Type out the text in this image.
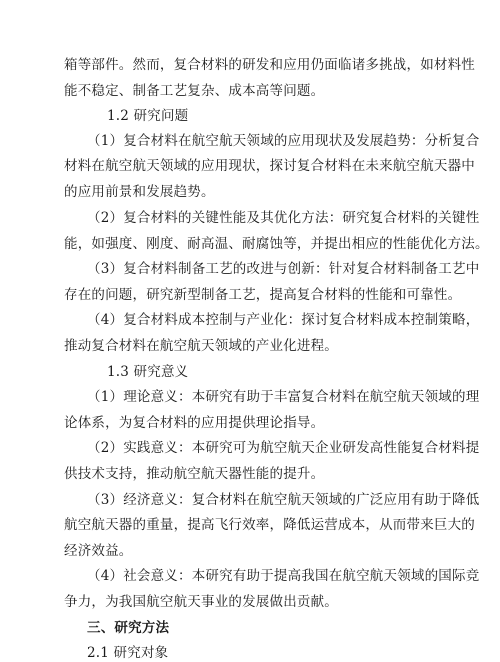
箱等部件。然而，复合材料的研发和应用仍面临诸多挑战，如材料性
能不稳定、制备工艺复杂、成本高等问题。
1.2 研究问题
（1）复合材料在航空航天领域的应用现状及发展趋势：分析复合
材料在航空航天领域的应用现状，探讨复合材料在未来航空航天器中
的应用前景和发展趋势。
（2）复合材料的关键性能及其优化方法：研究复合材料的关键性
能，如强度、刚度、耐高温、耐腐蚀等，并提出相应的性能优化方法。
（3）复合材料制备工艺的改进与创新：针对复合材料制备工艺中
存在的问题，研究新型制备工艺，提高复合材料的性能和可靠性。
（4）复合材料成本控制与产业化：探讨复合材料成本控制策略，
推动复合材料在航空航天领域的产业化进程。
1.3 研究意义
（1）理论意义：本研究有助于丰富复合材料在航空航天领域的理
论体系，为复合材料的应用提供理论指导。
（2）实践意义：本研究可为航空航天企业研发高性能复合材料提
供技术支持，推动航空航天器性能的提升。
（3）经济意义：复合材料在航空航天领域的广泛应用有助于降低
航空航天器的重量，提高飞行效率，降低运营成本，从而带来巨大的
经济效益。
（4）社会意义：本研究有助于提高我国在航空航天领域的国际竞
争力，为我国航空航天事业的发展做出贡献。
三、研究方法
2.1 研究对象
